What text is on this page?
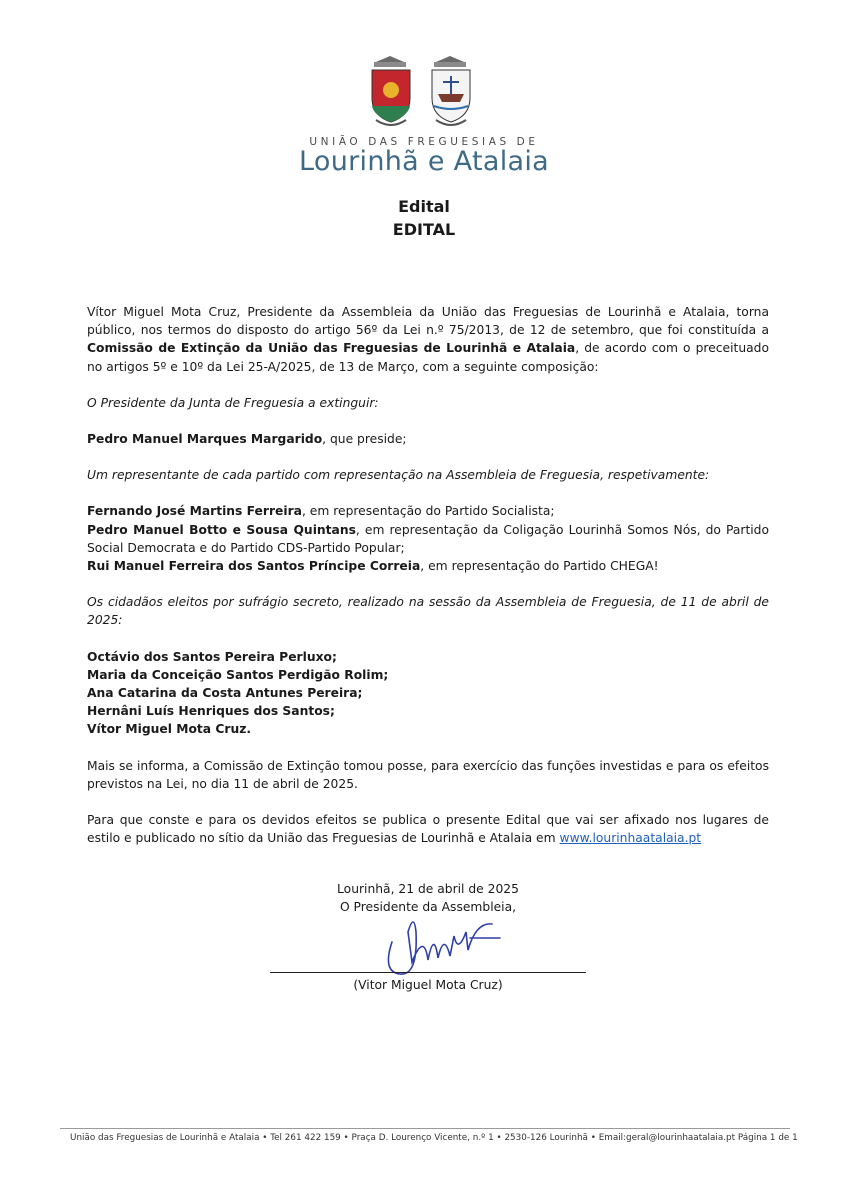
UNIÃO DAS FREGUESIAS DE
Lourinhã e Atalaia
Edital
EDITAL

Vítor Miguel Mota Cruz, Presidente da Assembleia da União das Freguesias de Lourinhã e Atalaia, torna público, nos termos do disposto do artigo 56º da Lei n.º 75/2013, de 12 de setembro, que foi constituída a Comissão de Extinção da União das Freguesias de Lourinhã e Atalaia, de acordo com o preceituado no artigos 5º e 10º da Lei 25-A/2025, de 13 de Março, com a seguinte composição:

O Presidente da Junta de Freguesia a extinguir:

Pedro Manuel Marques Margarido, que preside;

Um representante de cada partido com representação na Assembleia de Freguesia, respetivamente:

Fernando José Martins Ferreira, em representação do Partido Socialista;

Pedro Manuel Botto e Sousa Quintans, em representação da Coligação Lourinhã Somos Nós, do Partido Social Democrata e do Partido CDS-Partido Popular;

Rui Manuel Ferreira dos Santos Príncipe Correia, em representação do Partido CHEGA!

Os cidadãos eleitos por sufrágio secreto, realizado na sessão da Assembleia de Freguesia, de 11 de abril de 2025:

Octávio dos Santos Pereira Perluxo;

Maria da Conceição Santos Perdigão Rolim;

Ana Catarina da Costa Antunes Pereira;

Hernâni Luís Henriques dos Santos;

Vítor Miguel Mota Cruz.

Mais se informa, a Comissão de Extinção tomou posse, para exercício das funções investidas e para os efeitos previstos na Lei, no dia 11 de abril de 2025.

Para que conste e para os devidos efeitos se publica o presente Edital que vai ser afixado nos lugares de estilo e publicado no sítio da União das Freguesias de Lourinhã e Atalaia em www.lourinhaatalaia.pt

Lourinhã, 21 de abril de 2025
O Presidente da Assembleia,
(Vitor Miguel Mota Cruz)
União das Freguesias de Lourinhã e Atalaia • Tel 261 422 159 • Praça D. Lourenço Vicente, n.º 1 • 2530-126 Lourinhã • Email:geral@lourinhaatalaia.pt Página 1 de 1
